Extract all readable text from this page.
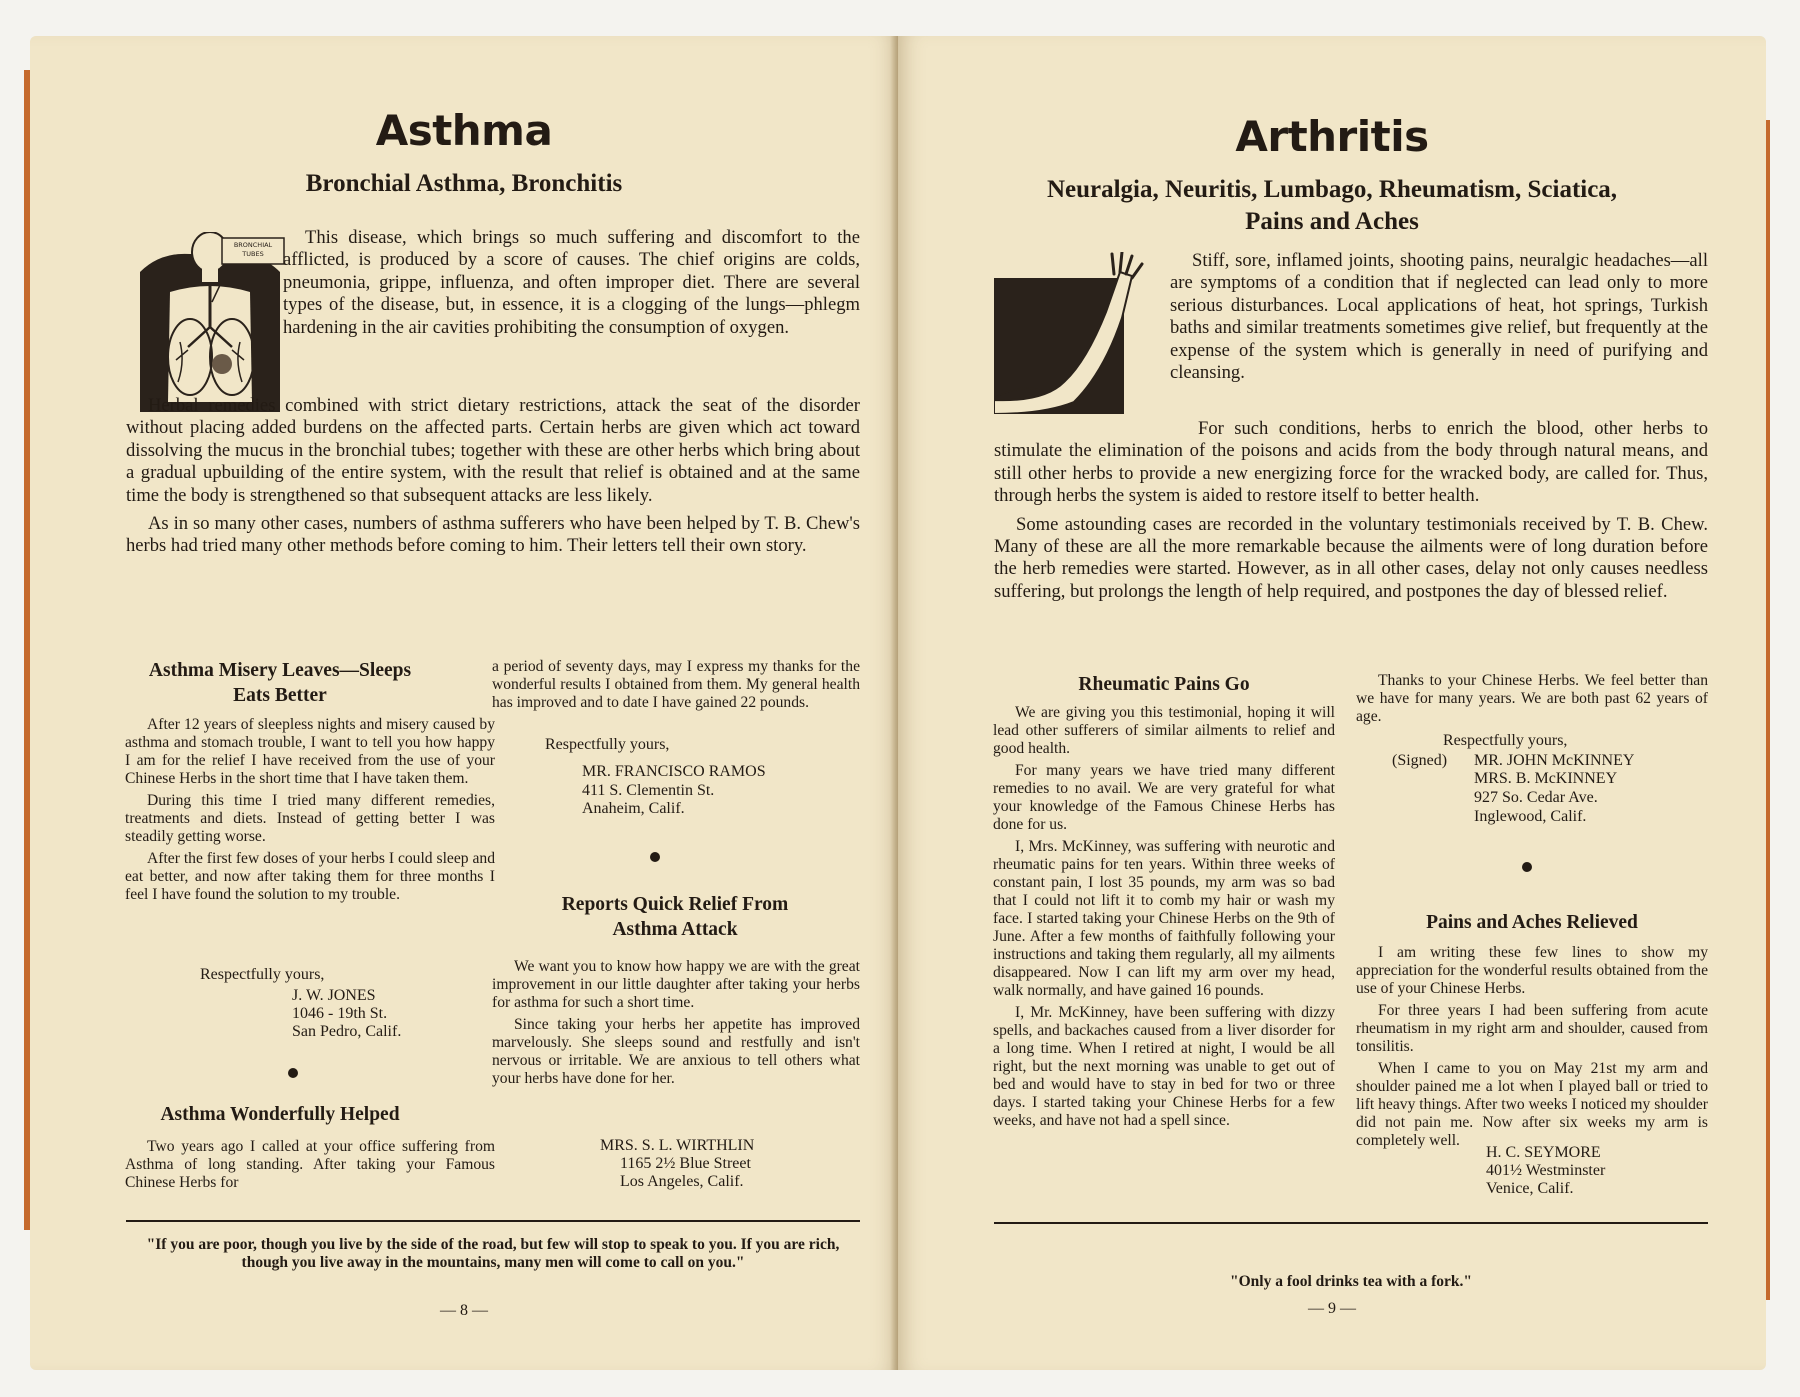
Asthma
Bronchial Asthma, Bronchitis
BRONCHIAL TUBES
This disease, which brings so much suffering and discomfort to the afflicted, is produced by a score of causes. The chief origins are colds, pneumonia, grippe, influenza, and often improper diet. There are several types of the disease, but, in essence, it is a clogging of the lungs—phlegm hardening in the air cavities prohibiting the consumption of oxygen.

Herbal remedies combined with strict dietary restrictions, attack the seat of the disorder without placing added burdens on the affected parts. Certain herbs are given which act toward dissolving the mucus in the bronchial tubes; together with these are other herbs which bring about a gradual upbuilding of the entire system, with the result that relief is obtained and at the same time the body is strengthened so that subsequent attacks are less likely.

As in so many other cases, numbers of asthma sufferers who have been helped by T. B. Chew's herbs had tried many other methods before coming to him. Their letters tell their own story.

Asthma Misery Leaves—Sleeps Eats Better

After 12 years of sleepless nights and misery caused by asthma and stomach trouble, I want to tell you how happy I am for the relief I have received from the use of your Chinese Herbs in the short time that I have taken them.

During this time I tried many different remedies, treatments and diets. Instead of getting better I was steadily getting worse.

After the first few doses of your herbs I could sleep and eat better, and now after taking them for three months I feel I have found the solution to my trouble.

Respectfully yours,
J. W. JONES
1046 - 19th St.
San Pedro, Calif.
Asthma Wonderfully Helped

Two years ago I called at your office suffering from Asthma of long standing. After taking your Famous Chinese Herbs for

a period of seventy days, may I express my thanks for the wonderful results I obtained from them. My general health has improved and to date I have gained 22 pounds.

Respectfully yours,
MR. FRANCISCO RAMOS
411 S. Clementin St.
Anaheim, Calif.
Reports Quick Relief From Asthma Attack

We want you to know how happy we are with the great improvement in our little daughter after taking your herbs for asthma for such a short time.

Since taking your herbs her appetite has improved marvelously. She sleeps sound and restfully and isn't nervous or irritable. We are anxious to tell others what your herbs have done for her.

MRS. S. L. WIRTHLIN
1165 2½ Blue Street
Los Angeles, Calif.
"If you are poor, though you live by the side of the road, but few will stop to speak to you. If you are rich, though you live away in the mountains, many men will come to call on you."
— 8 —
Arthritis
Neuralgia, Neuritis, Lumbago, Rheumatism, Sciatica,
Pains and Aches
Stiff, sore, inflamed joints, shooting pains, neuralgic headaches—all are symptoms of a condition that if neglected can lead only to more serious disturbances. Local applications of heat, hot springs, Turkish baths and similar treatments sometimes give relief, but frequently at the expense of the system which is generally in need of purifying and cleansing.

For such conditions, herbs to enrich the blood, other herbs to stimulate the elimination of the poisons and acids from the body through natural means, and still other herbs to provide a new energizing force for the wracked body, are called for. Thus, through herbs the system is aided to restore itself to better health.

Some astounding cases are recorded in the voluntary testimonials received by T. B. Chew. Many of these are all the more remarkable because the ailments were of long duration before the herb remedies were started. However, as in all other cases, delay not only causes needless suffering, but prolongs the length of help required, and postpones the day of blessed relief.

Rheumatic Pains Go

We are giving you this testimonial, hoping it will lead other sufferers of similar ailments to relief and good health.

For many years we have tried many different remedies to no avail. We are very grateful for what your knowledge of the Famous Chinese Herbs has done for us.

I, Mrs. McKinney, was suffering with neurotic and rheumatic pains for ten years. Within three weeks of constant pain, I lost 35 pounds, my arm was so bad that I could not lift it to comb my hair or wash my face. I started taking your Chinese Herbs on the 9th of June. After a few months of faithfully following your instructions and taking them regularly, all my ailments disappeared. Now I can lift my arm over my head, walk normally, and have gained 16 pounds.

I, Mr. McKinney, have been suffering with dizzy spells, and backaches caused from a liver disorder for a long time. When I retired at night, I would be all right, but the next morning was unable to get out of bed and would have to stay in bed for two or three days. I started taking your Chinese Herbs for a few weeks, and have not had a spell since.

Thanks to your Chinese Herbs. We feel better than we have for many years. We are both past 62 years of age.

Respectfully yours,
(Signed) MR. JOHN McKINNEY
MRS. B. McKINNEY
927 So. Cedar Ave.
Inglewood, Calif.
Pains and Aches Relieved

I am writing these few lines to show my appreciation for the wonderful results obtained from the use of your Chinese Herbs.

For three years I had been suffering from acute rheumatism in my right arm and shoulder, caused from tonsilitis.

When I came to you on May 21st my arm and shoulder pained me a lot when I played ball or tried to lift heavy things. After two weeks I noticed my shoulder did not pain me. Now after six weeks my arm is completely well.

H. C. SEYMORE
401½ Westminster
Venice, Calif.
"Only a fool drinks tea with a fork."
— 9 —
